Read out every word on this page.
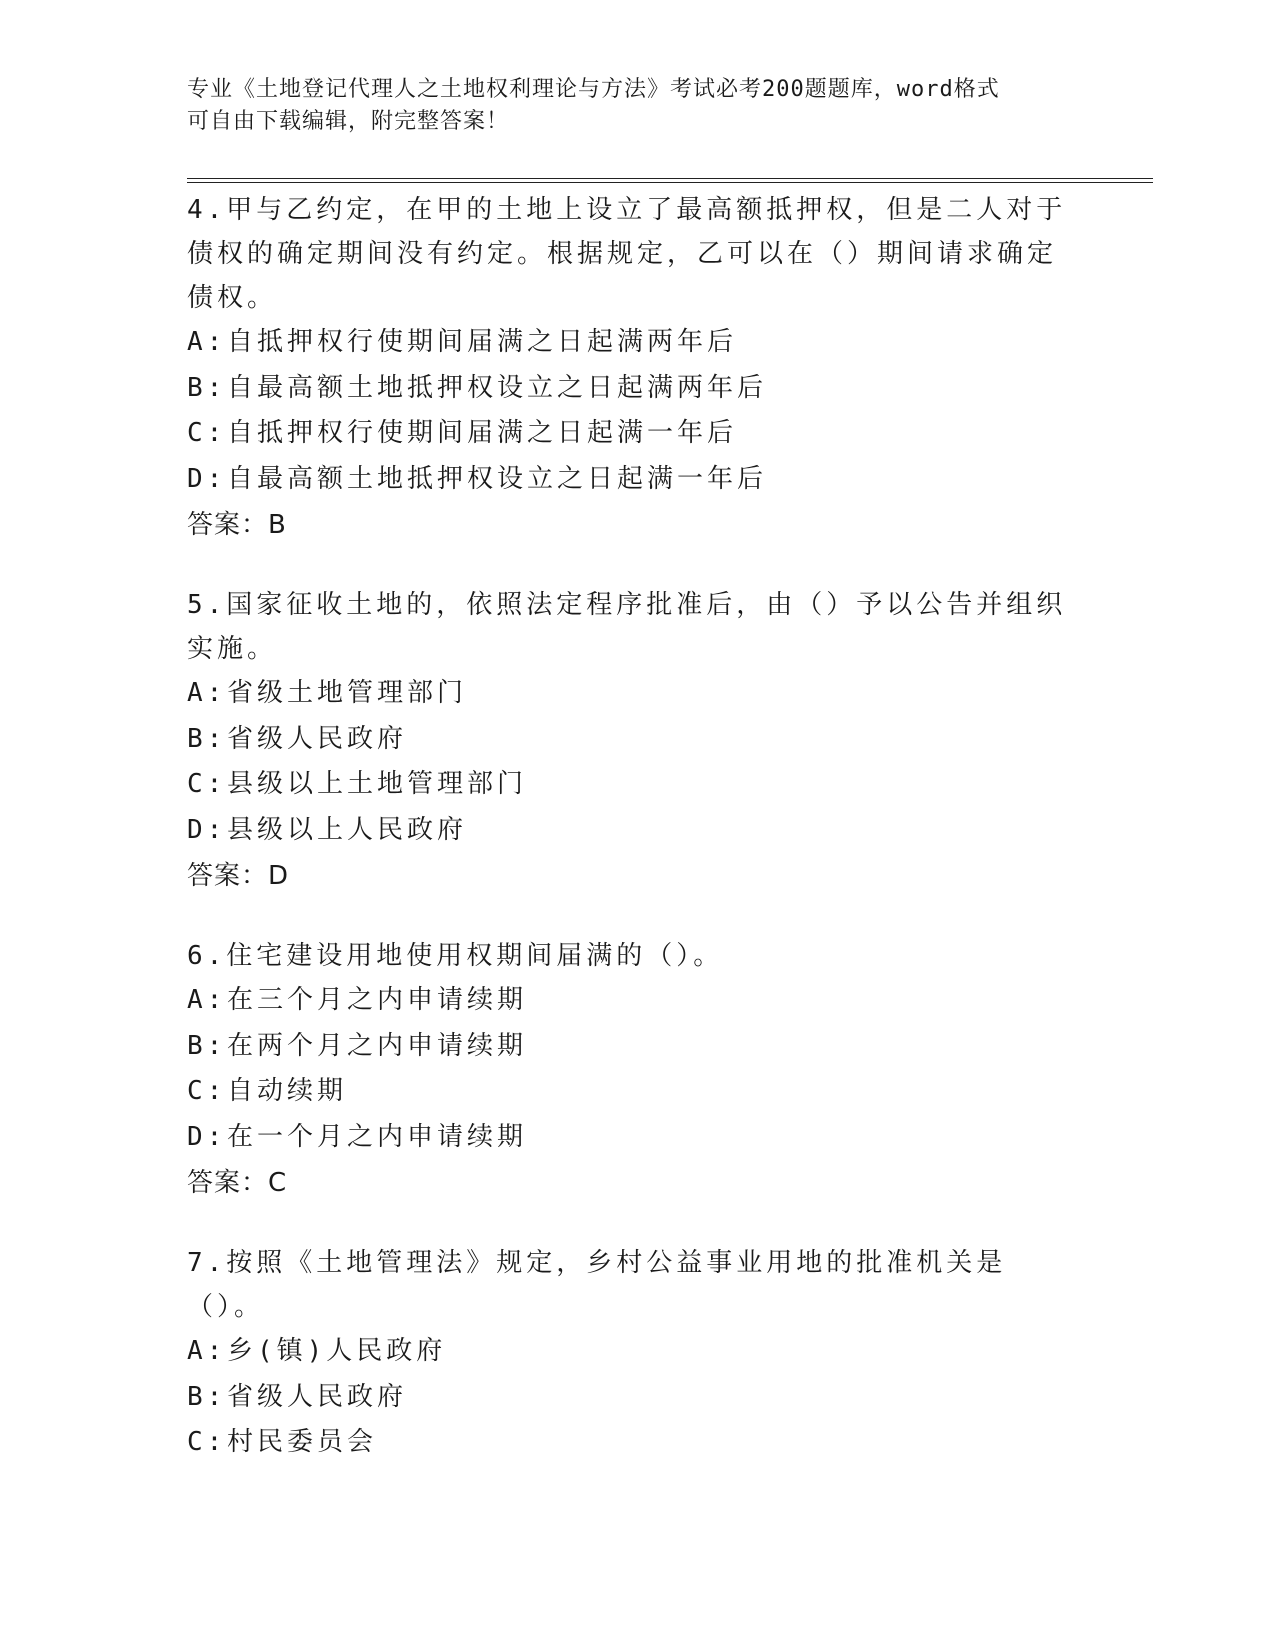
专业《土地登记代理人之土地权利理论与方法》考试必考200题题库，word格式
可自由下载编辑，附完整答案！

4.甲与乙约定，在甲的土地上设立了最高额抵押权，但是二人对于债权的确定期间没有约定。根据规定，乙可以在（）期间请求确定债权。

A:自抵押权行使期间届满之日起满两年后

B:自最高额土地抵押权设立之日起满两年后

C:自抵押权行使期间届满之日起满一年后

D:自最高额土地抵押权设立之日起满一年后

答案：B

5.国家征收土地的，依照法定程序批准后，由（）予以公告并组织实施。

A:省级土地管理部门

B:省级人民政府

C:县级以上土地管理部门

D:县级以上人民政府

答案：D

6.住宅建设用地使用权期间届满的（）。

A:在三个月之内申请续期

B:在两个月之内申请续期

C:自动续期

D:在一个月之内申请续期

答案：C

7.按照《土地管理法》规定，乡村公益事业用地的批准机关是（）。

A:乡(镇)人民政府

B:省级人民政府

C:村民委员会
